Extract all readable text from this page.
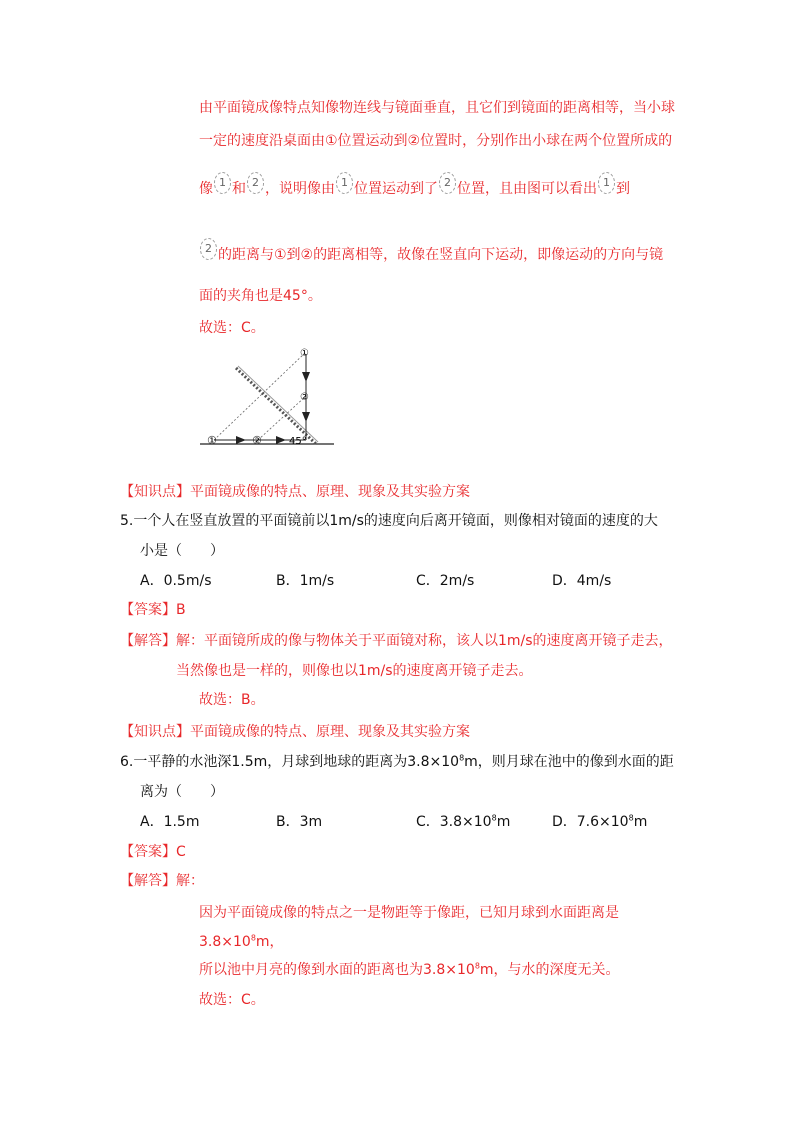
由平面镜成像特点知像物连线与镜面垂直，且它们到镜面的距离相等，当小球
一定的速度沿桌面由①位置运动到②位置时，分别作出小球在两个位置所成的
像 1 和 2 ，说明像由 1 位置运动到了 2 位置，且由图可以看出 1 到
2 的距离与①到②的距离相等，故像在竖直向下运动，即像运动的方向与镜
面的夹角也是45°。
故选：C。
①	②	45°
①
②
【知识点】平面镜成像的特点、原理、现象及其实验方案
5.一个人在竖直放置的平面镜前以1m/s的速度向后离开镜面，则像相对镜面的速度的大
小是（　　）
A．0.5m/s	B．1m/s	C．2m/s	D．4m/s
【答案】B
【解答】解：平面镜所成的像与物体关于平面镜对称，该人以1m/s的速度离开镜子走去，
当然像也是一样的，则像也以1m/s的速度离开镜子走去。
故选：B。
【知识点】平面镜成像的特点、原理、现象及其实验方案
6.一平静的水池深1.5m，月球到地球的距离为$3.8\times 10^8m$，则月球在池中的像到水面的距
离为（　　）
A．1.5m	B．3m	C．$3.8\times 10^8m$	D．$7.6\times 10^8m$
【答案】C
【解答】解：
因为平面镜成像的特点之一是物距等于像距，已知月球到水面距离是
$3.8\times 10^8m$，
所以池中月亮的像到水面的距离也为$3.8\times 10^8m$，与水的深度无关。
故选：C。
